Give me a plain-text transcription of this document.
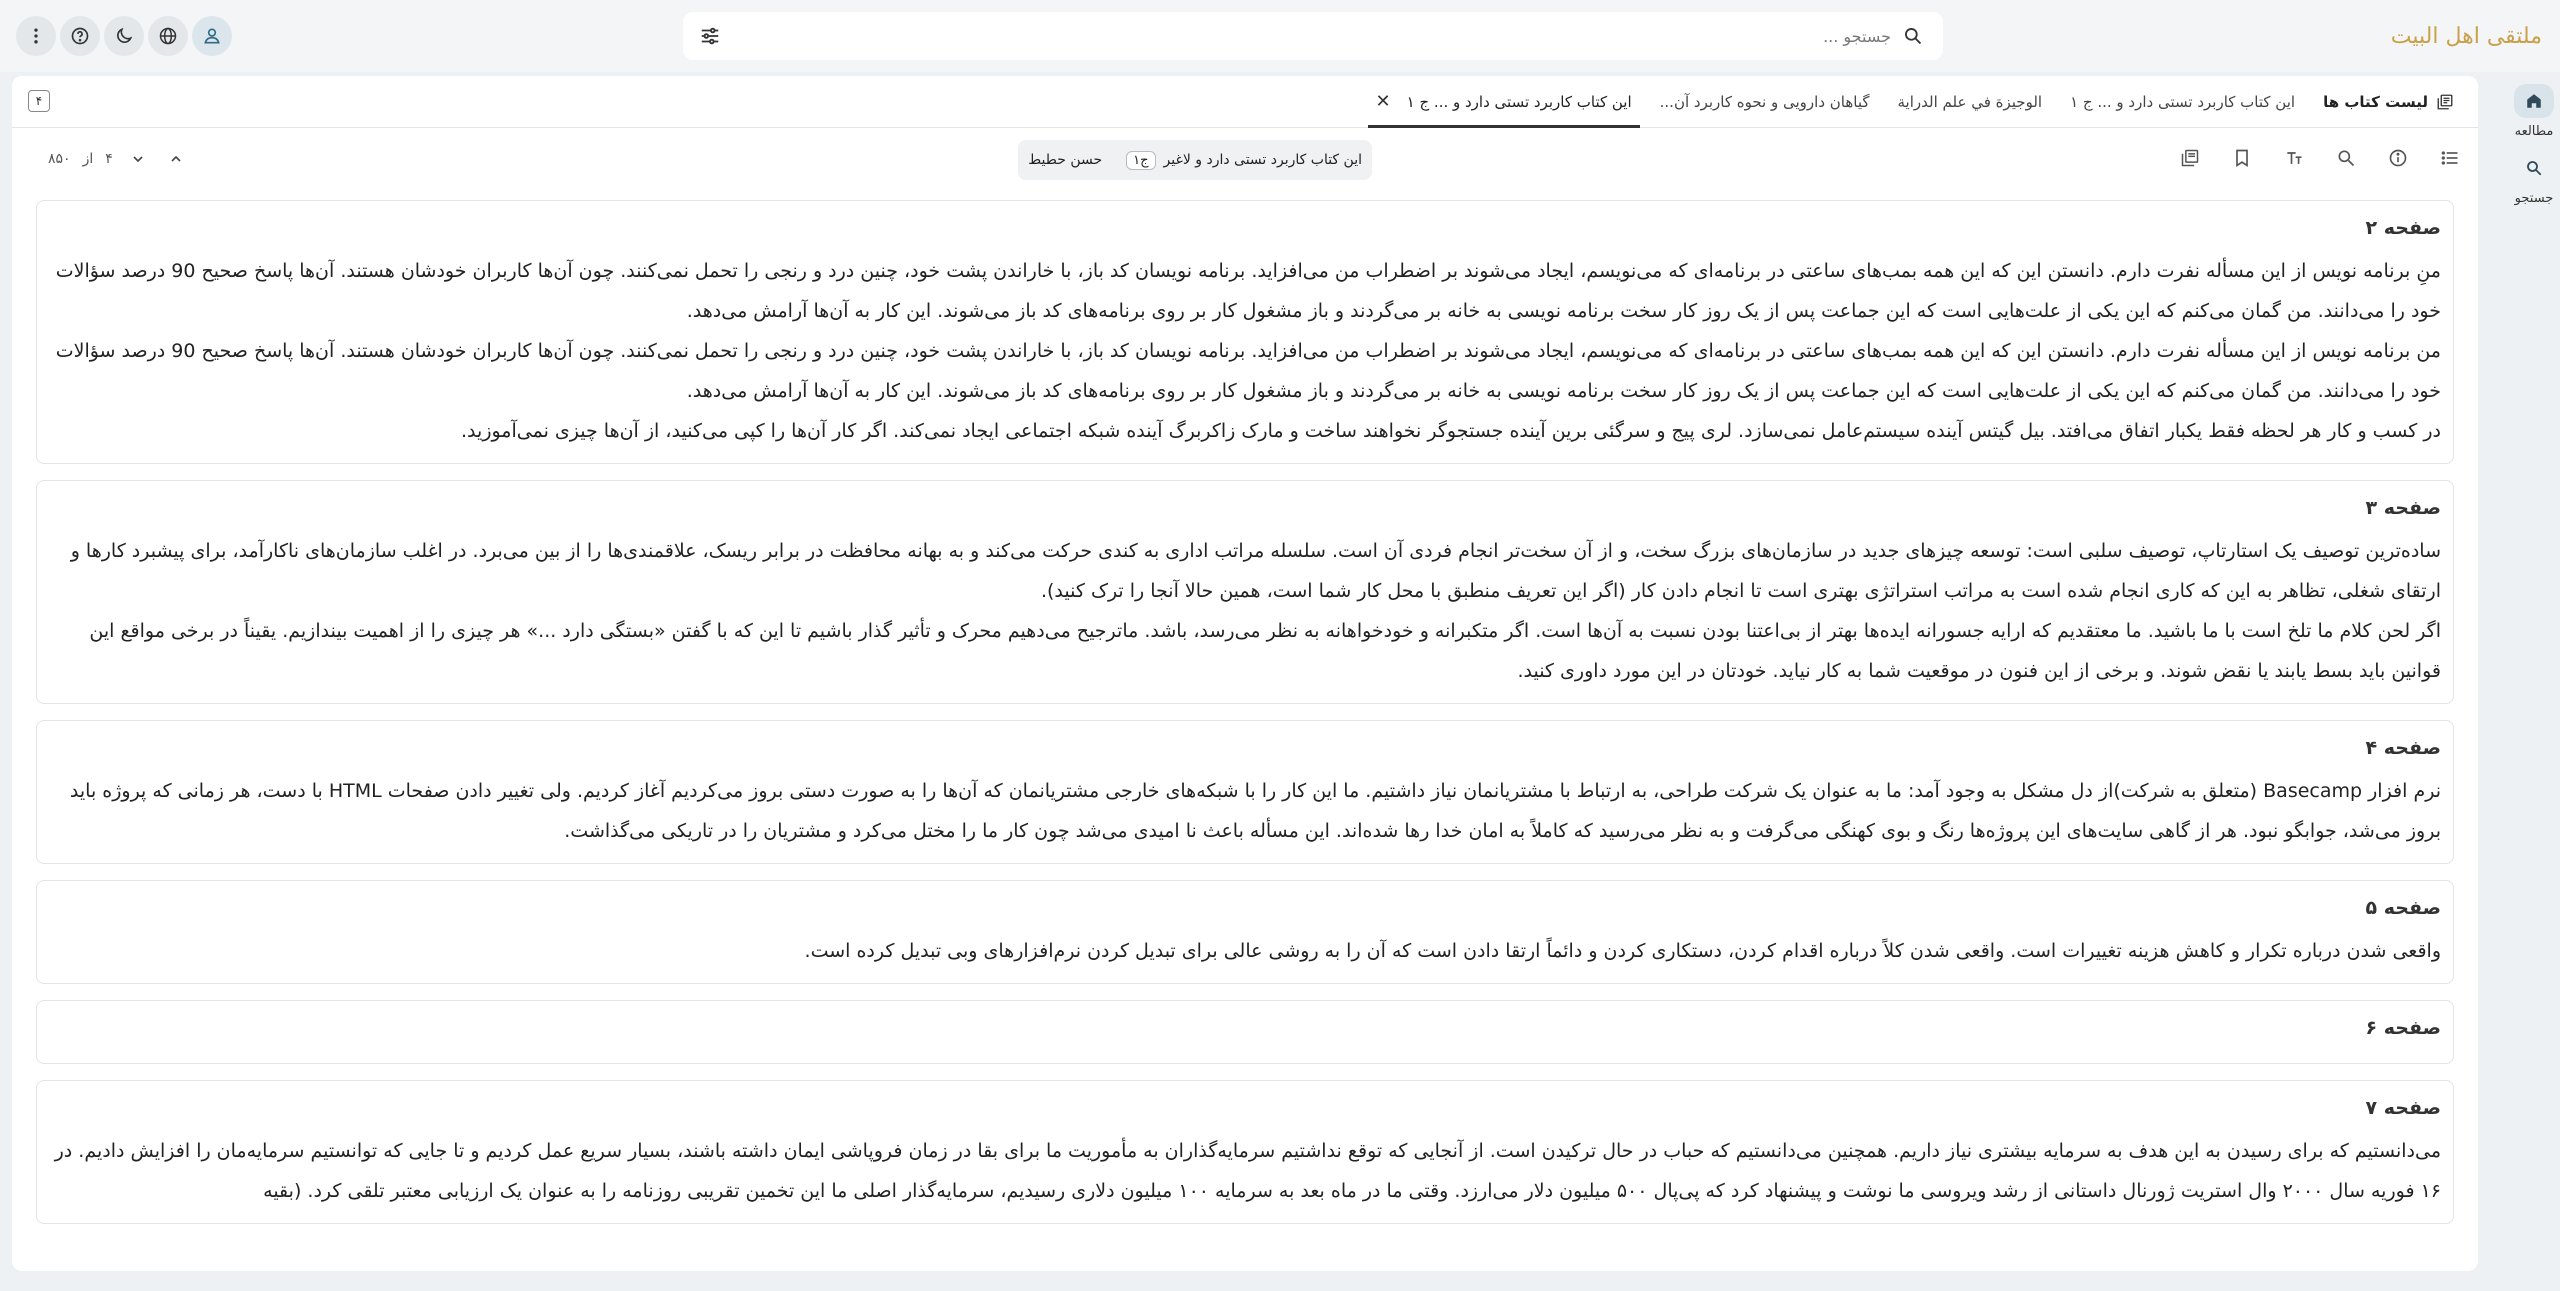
ملتقى اهل البيت
جستجو ...
مطالعه
جستجو
لیست کتاب ها
این کتاب کاربرد تستی دارد و ... ج ۱
الوجیزة في علم الدرایة
گیاهان دارویی و نحوه کاربرد آن...
این کتاب کاربرد تستی دارد و ... ج ۱
✕
۴
این کتاب کاربرد تستی دارد و لاغیر
ج۱
حسن حطیط
۴
از
۸۵۰
صفحه ۲

منِ برنامه نویس از این مسأله نفرت دارم. دانستن این که این همه بمب‌های ساعتی در برنامه‌ای که می‌نویسم، ایجاد می‌شوند بر اضطراب من می‌افزاید. برنامه نویسان کد باز، با خاراندن پشت خود، چنین درد و رنجی را تحمل نمی‌کنند. چون آن‌ها کاربران خودشان هستند. آن‌ها پاسخ صحیح 90 درصد سؤالات خود را می‌دانند. من گمان می‌کنم که این یکی از علت‌هایی است که این جماعت پس از یک روز کار سخت برنامه نویسی به خانه بر می‌گردند و باز مشغول کار بر روی برنامه‌های کد باز می‌شوند. این کار به آن‌ها آرامش می‌دهد.

من برنامه نویس از این مسأله نفرت دارم. دانستن این که این همه بمب‌های ساعتی در برنامه‌ای که می‌نویسم، ایجاد می‌شوند بر اضطراب من می‌افزاید. برنامه نویسان کد باز، با خاراندن پشت خود، چنین درد و رنجی را تحمل نمی‌کنند. چون آن‌ها کاربران خودشان هستند. آن‌ها پاسخ صحیح 90 درصد سؤالات خود را می‌دانند. من گمان می‌کنم که این یکی از علت‌هایی است که این جماعت پس از یک روز کار سخت برنامه نویسی به خانه بر می‌گردند و باز مشغول کار بر روی برنامه‌های کد باز می‌شوند. این کار به آن‌ها آرامش می‌دهد.

در کسب و کار هر لحظه فقط یکبار اتفاق می‌افتد. بیل گیتس آینده سیستم‌عامل نمی‌سازد. لری پیج و سرگئی برین آینده جستجوگر نخواهند ساخت و مارک زاکربرگ آینده شبکه اجتماعی ایجاد نمی‌کند. اگر کار آن‌ها را کپی می‌کنید، از آن‌ها چیزی نمی‌آموزید.

صفحه ۳

ساده‌ترین توصیف یک استارتاپ، توصیف سلبی است: توسعه چیزهای جدید در سازمان‌های بزرگ سخت، و از آن سخت‌تر انجام فردی آن است. سلسله مراتب اداری به کندی حرکت می‌کند و به بهانه محافظت در برابر ریسک، علاقمندی‌ها را از بین می‌برد. در اغلب سازمان‌های ناکارآمد، برای پیشبرد کارها و ارتقای شغلی، تظاهر به این که کاری انجام شده است به مراتب استراتژی بهتری است تا انجام دادن کار (اگر این تعریف منطبق با محل کار شما است، همین حالا آنجا را ترک کنید).

اگر لحن کلام ما تلخ است با ما باشید. ما معتقدیم که ارایه جسورانه ایده‌ها بهتر از بی‌اعتنا بودن نسبت به آن‌ها است. اگر متکبرانه و خودخواهانه به نظر می‌رسد، باشد. ماترجیح می‌دهیم محرک و تأثیر گذار باشیم تا این که با گفتن «بستگی دارد ...» هر چیزی را از اهمیت بیندازیم. یقیناً در برخی مواقع این قوانین باید بسط یابند یا نقض شوند. و برخی از این فنون در موقعیت شما به کار نیاید. خودتان در این مورد داوری کنید.

صفحه ۴

نرم افزار Basecamp (متعلق به شرکت)از دل مشکل به وجود آمد: ما به عنوان یک شرکت طراحی، به ارتباط با مشتریانمان نیاز داشتیم. ما این کار را با شبکه‌های خارجی مشتریانمان که آن‌ها را به صورت دستی بروز می‌کردیم آغاز کردیم. ولی تغییر دادن صفحات HTML با دست، هر زمانی که پروژه باید بروز می‌شد، جوابگو نبود. هر از گاهی سایت‌های این پروژه‌ها رنگ و بوی کهنگی می‌گرفت و به نظر می‌رسید که کاملاً به امان خدا رها شده‌اند. این مسأله باعث نا امیدی می‌شد چون کار ما را مختل می‌کرد و مشتریان را در تاریکی می‌گذاشت.

صفحه ۵

واقعی شدن درباره تکرار و کاهش هزینه تغییرات است. واقعی شدن کلاً درباره اقدام کردن، دستکاری کردن و دائماً ارتقا دادن است که آن را به روشی عالی برای تبدیل کردن نرم‌افزارهای وبی تبدیل کرده است.

صفحه ۶
صفحه ۷

می‌دانستیم که برای رسیدن به این هدف به سرمایه بیشتری نیاز داریم. همچنین می‌دانستیم که حباب در حال ترکیدن است. از آنجایی که توقع نداشتیم سرمایه‌گذاران به مأموریت ما برای بقا در زمان فروپاشی ایمان داشته باشند، بسیار سریع عمل کردیم و تا جایی که توانستیم سرمایه‌مان را افزایش دادیم. در ۱۶ فوریه سال ۲۰۰۰ وال استریت ژورنال داستانی از رشد ویروسی ما نوشت و پیشنهاد کرد که پی‌پال ۵۰۰ میلیون دلار می‌ارزد. وقتی ما در ماه بعد به سرمایه ۱۰۰ میلیون دلاری رسیدیم، سرمایه‌گذار اصلی ما این تخمین تقریبی روزنامه را به عنوان یک ارزیابی معتبر تلقی کرد. (بقیه
